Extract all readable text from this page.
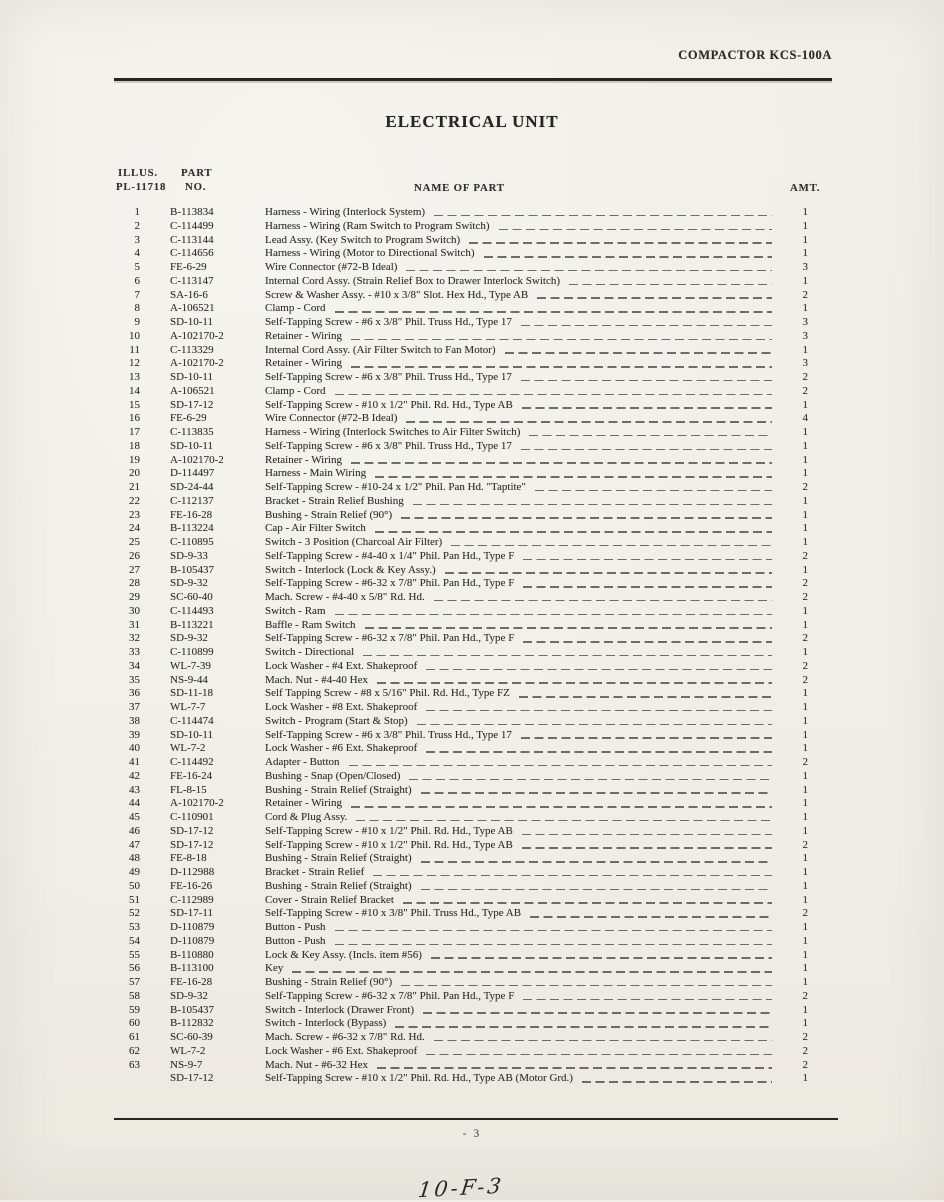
COMPACTOR KCS-100A
ELECTRICAL UNIT
ILLUS.
PL-11718
PART
NO.	NAME OF PART	AMT.
1	B-113834	Harness - Wiring (Interlock System)	1
2	C-114499	Harness - Wiring (Ram Switch to Program Switch)	1
3	C-113144	Lead Assy. (Key Switch to Program Switch)	1
4	C-114656	Harness - Wiring (Motor to Directional Switch)	1
5	FE-6-29	Wire Connector (#72-B Ideal)	3
6	C-113147	Internal Cord Assy. (Strain Relief Box to Drawer Interlock Switch)	1
7	SA-16-6	Screw & Washer Assy. - #10 x 3/8" Slot. Hex Hd., Type AB	2
8	A-106521	Clamp - Cord	1
9	SD-10-11	Self-Tapping Screw - #6 x 3/8" Phil. Truss Hd., Type 17	3
10	A-102170-2	Retainer - Wiring	3
11	C-113329	Internal Cord Assy. (Air Filter Switch to Fan Motor)	1
12	A-102170-2	Retainer - Wiring	3
13	SD-10-11	Self-Tapping Screw - #6 x 3/8" Phil. Truss Hd., Type 17	2
14	A-106521	Clamp - Cord	2
15	SD-17-12	Self-Tapping Screw - #10 x 1/2" Phil. Rd. Hd., Type AB	1
16	FE-6-29	Wire Connector (#72-B Ideal)	4
17	C-113835	Harness - Wiring (Interlock Switches to Air Filter Switch)	1
18	SD-10-11	Self-Tapping Screw - #6 x 3/8" Phil. Truss Hd., Type 17	1
19	A-102170-2	Retainer - Wiring	1
20	D-114497	Harness - Main Wiring	1
21	SD-24-44	Self-Tapping Screw - #10-24 x 1/2" Phil. Pan Hd. "Taptite"	2
22	C-112137	Bracket - Strain Relief Bushing	1
23	FE-16-28	Bushing - Strain Relief (90°)	1
24	B-113224	Cap - Air Filter Switch	1
25	C-110895	Switch - 3 Position (Charcoal Air Filter)	1
26	SD-9-33	Self-Tapping Screw - #4-40 x 1/4" Phil. Pan Hd., Type F	2
27	B-105437	Switch - Interlock (Lock & Key Assy.)	1
28	SD-9-32	Self-Tapping Screw - #6-32 x 7/8" Phil. Pan Hd., Type F	2
29	SC-60-40	Mach. Screw - #4-40 x 5/8" Rd. Hd.	2
30	C-114493	Switch - Ram	1
31	B-113221	Baffle - Ram Switch	1
32	SD-9-32	Self-Tapping Screw - #6-32 x 7/8" Phil. Pan Hd., Type F	2
33	C-110899	Switch - Directional	1
34	WL-7-39	Lock Washer - #4 Ext. Shakeproof	2
35	NS-9-44	Mach. Nut - #4-40 Hex	2
36	SD-11-18	Self Tapping Screw - #8 x 5/16" Phil. Rd. Hd., Type FZ	1
37	WL-7-7	Lock Washer - #8 Ext. Shakeproof	1
38	C-114474	Switch - Program (Start & Stop)	1
39	SD-10-11	Self-Tapping Screw - #6 x 3/8" Phil. Truss Hd., Type 17	1
40	WL-7-2	Lock Washer - #6 Ext. Shakeproof	1
41	C-114492	Adapter - Button	2
42	FE-16-24	Bushing - Snap (Open/Closed)	1
43	FL-8-15	Bushing - Strain Relief (Straight)	1
44	A-102170-2	Retainer - Wiring	1
45	C-110901	Cord & Plug Assy.	1
46	SD-17-12	Self-Tapping Screw - #10 x 1/2" Phil. Rd. Hd., Type AB	1
47	SD-17-12	Self-Tapping Screw - #10 x 1/2" Phil. Rd. Hd., Type AB	2
48	FE-8-18	Bushing - Strain Relief (Straight)	1
49	D-112988	Bracket - Strain Relief	1
50	FE-16-26	Bushing - Strain Relief (Straight)	1
51	C-112989	Cover - Strain Relief Bracket	1
52	SD-17-11	Self-Tapping Screw - #10 x 3/8" Phil. Truss Hd., Type AB	2
53	D-110879	Button - Push	1
54	D-110879	Button - Push	1
55	B-110880	Lock & Key Assy. (Incls. item #56)	1
56	B-113100	Key	1
57	FE-16-28	Bushing - Strain Relief (90°)	1
58	SD-9-32	Self-Tapping Screw - #6-32 x 7/8" Phil. Pan Hd., Type F	2
59	B-105437	Switch - Interlock (Drawer Front)	1
60	B-112832	Switch - Interlock (Bypass)	1
61	SC-60-39	Mach. Screw - #6-32 x 7/8" Rd. Hd.	2
62	WL-7-2	Lock Washer - #6 Ext. Shakeproof	2
63	NS-9-7	Mach. Nut - #6-32 Hex	2
SD-17-12	Self-Tapping Screw - #10 x 1/2" Phil. Rd. Hd., Type AB (Motor Grd.)	1
- 3
10-F-3
